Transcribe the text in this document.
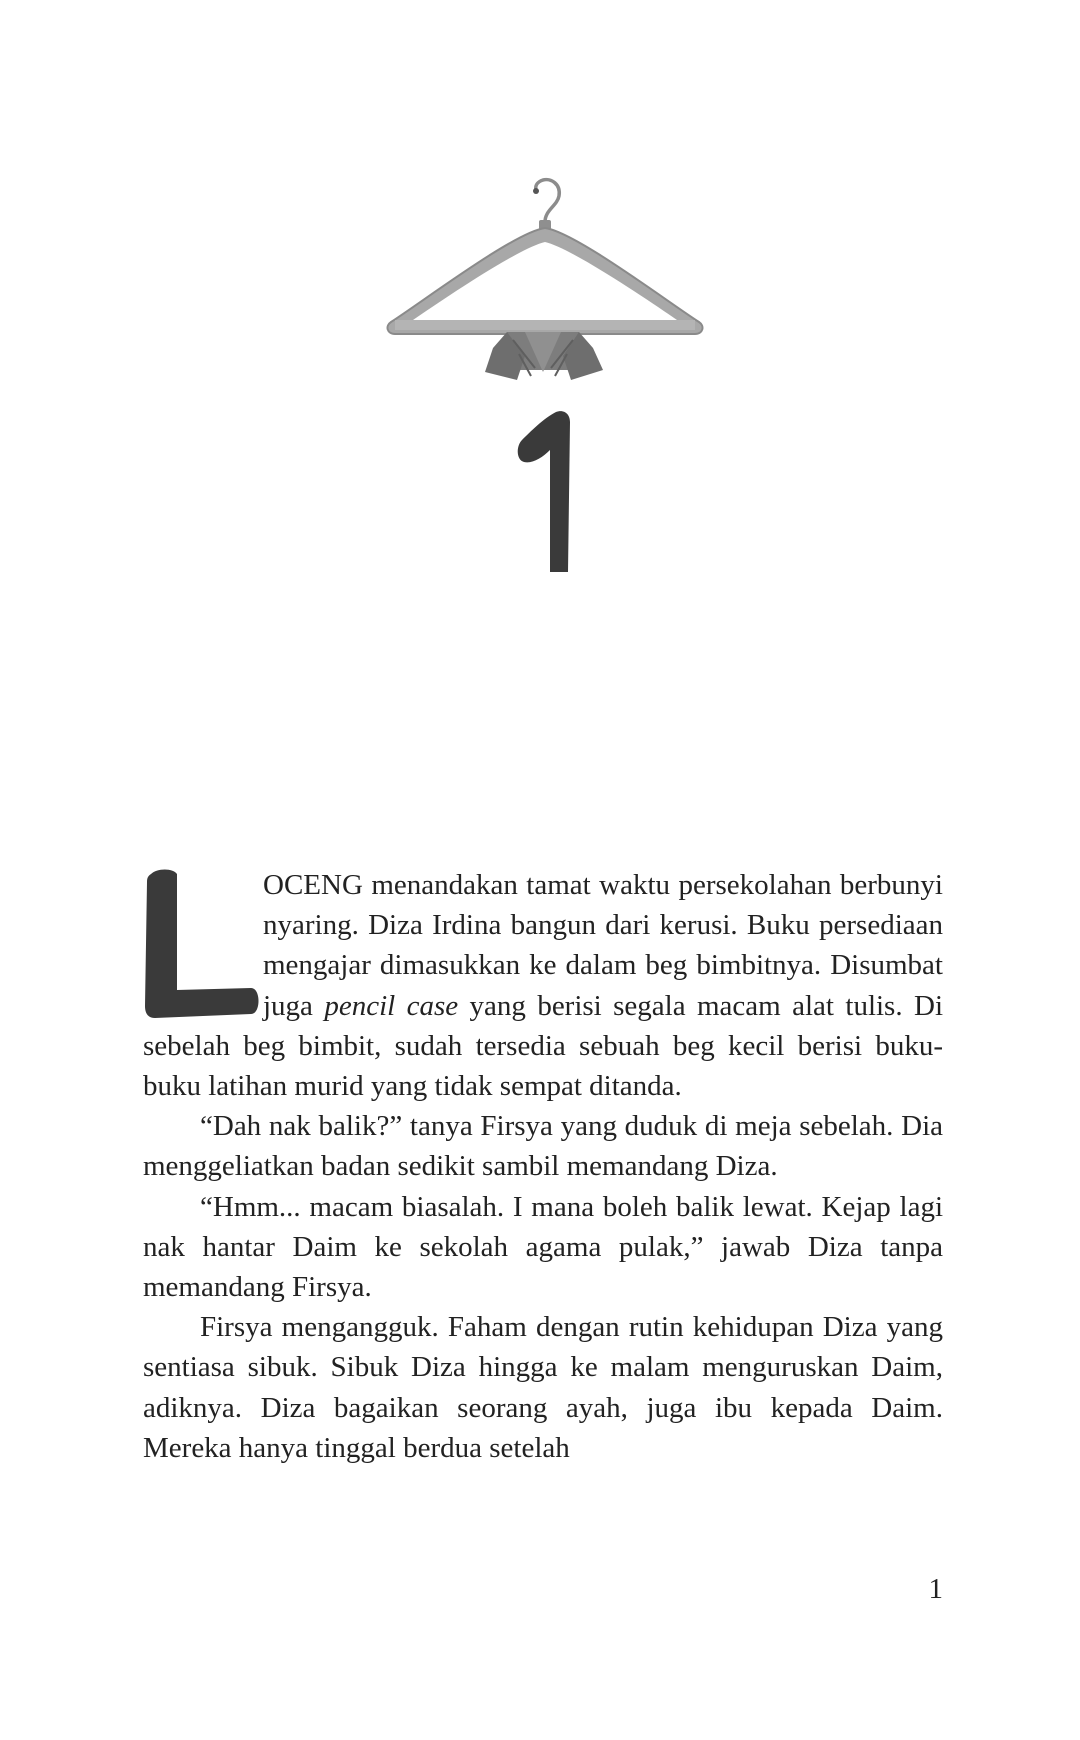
1
L

OCENG menandakan tamat waktu persekolahan berbunyi nyaring. Diza Irdina bangun dari kerusi. Buku persediaan mengajar dimasukkan ke dalam beg bimbitnya. Disumbat juga pencil case yang berisi segala macam alat tulis. Di sebelah beg bimbit, sudah tersedia sebuah beg kecil berisi buku-buku latihan murid yang tidak sempat ditanda.

“Dah nak balik?” tanya Firsya yang duduk di meja sebelah. Dia menggeliatkan badan sedikit sambil memandang Diza.

“Hmm... macam biasalah. I mana boleh balik lewat. Kejap lagi nak hantar Daim ke sekolah agama pulak,” jawab Diza tanpa memandang Firsya.

Firsya mengangguk. Faham dengan rutin kehidupan Diza yang sentiasa sibuk. Sibuk Diza hingga ke malam menguruskan Daim, adiknya. Diza bagaikan seorang ayah, juga ibu kepada Daim. Mereka hanya tinggal berdua setelah

1
